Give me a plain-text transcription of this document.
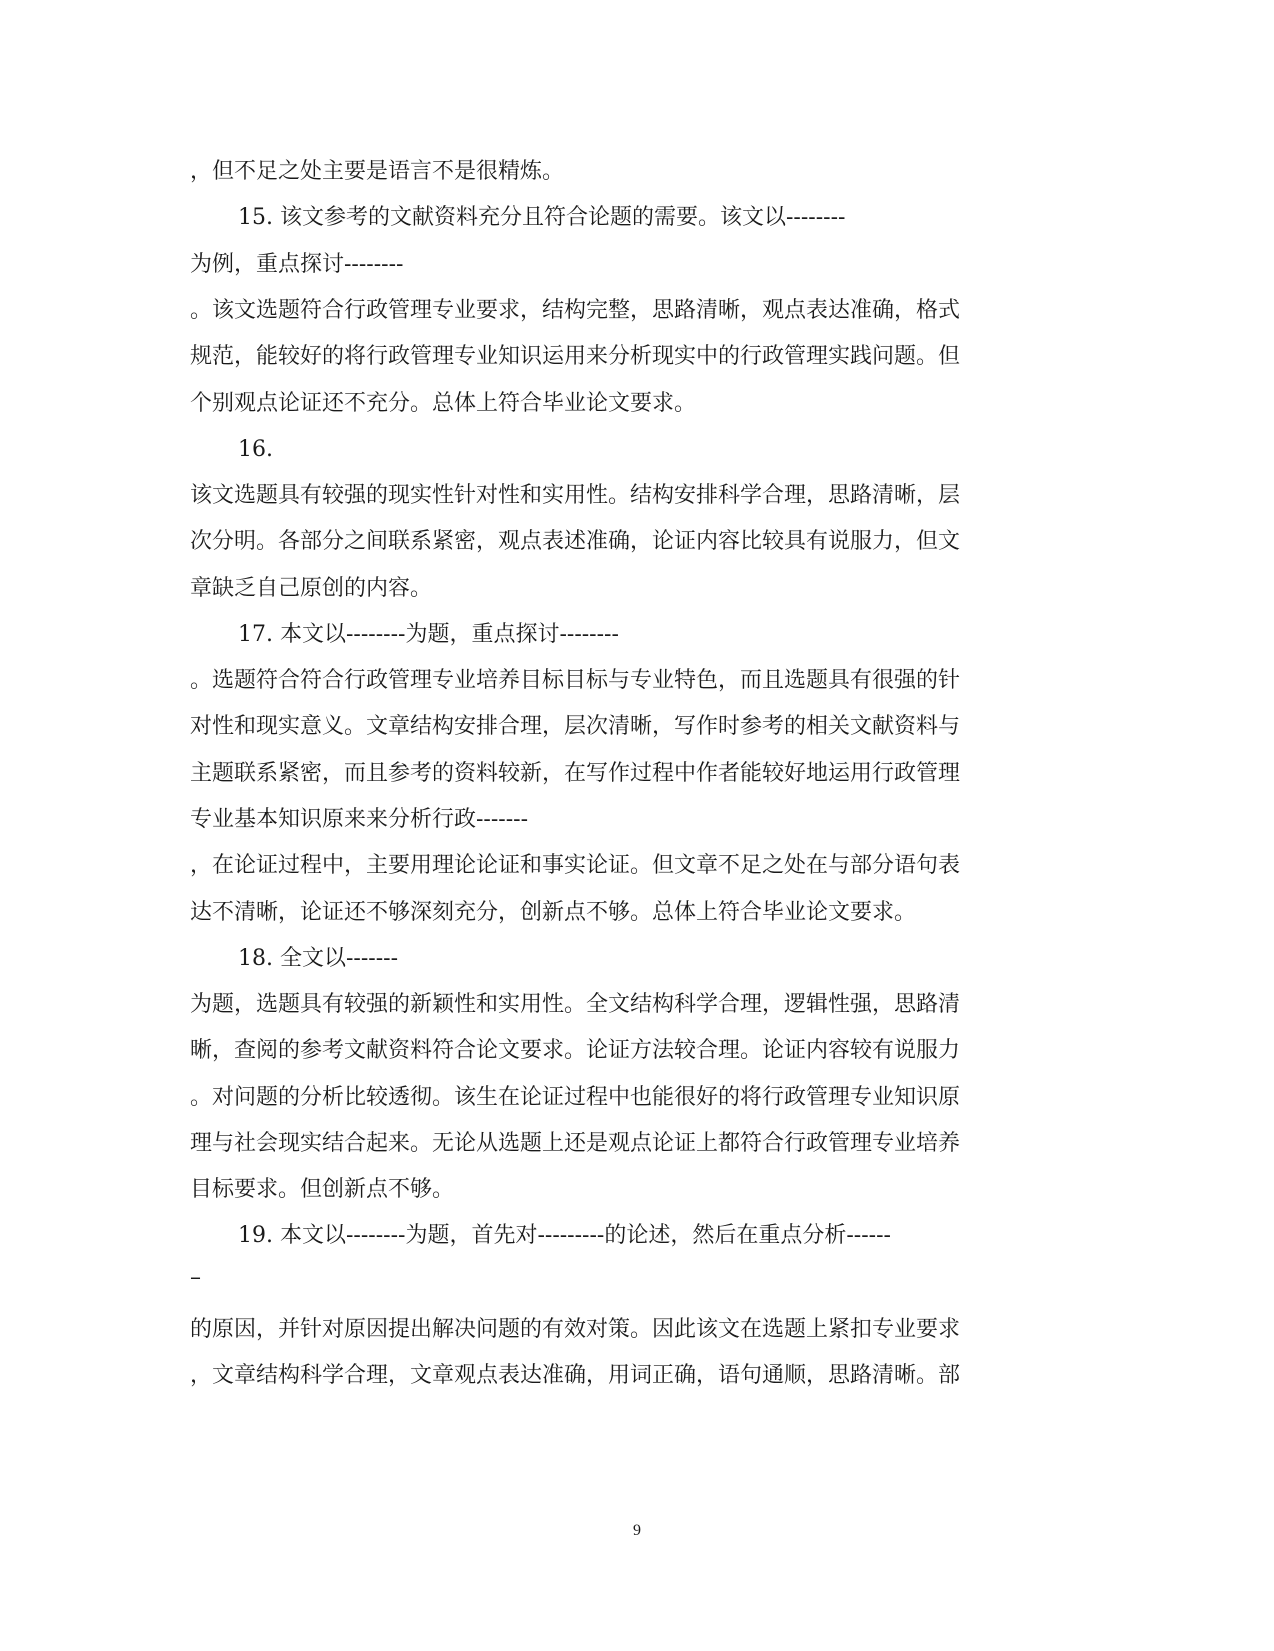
，但不足之处主要是语言不是很精炼。
15. 该文参考的文献资料充分且符合论题的需要。该文以--------
为例，重点探讨--------
。该文选题符合行政管理专业要求，结构完整，思路清晰，观点表达准确，格式
规范，能较好的将行政管理专业知识运用来分析现实中的行政管理实践问题。但
个别观点论证还不充分。总体上符合毕业论文要求。
16.
该文选题具有较强的现实性针对性和实用性。结构安排科学合理，思路清晰，层
次分明。各部分之间联系紧密，观点表述准确，论证内容比较具有说服力，但文
章缺乏自己原创的内容。
17. 本文以--------为题，重点探讨--------
。选题符合符合行政管理专业培养目标目标与专业特色，而且选题具有很强的针
对性和现实意义。文章结构安排合理，层次清晰，写作时参考的相关文献资料与
主题联系紧密，而且参考的资料较新，在写作过程中作者能较好地运用行政管理
专业基本知识原来来分析行政-------
，在论证过程中，主要用理论论证和事实论证。但文章不足之处在与部分语句表
达不清晰，论证还不够深刻充分，创新点不够。总体上符合毕业论文要求。
18. 全文以-------
为题，选题具有较强的新颖性和实用性。全文结构科学合理，逻辑性强，思路清
晰，查阅的参考文献资料符合论文要求。论证方法较合理。论证内容较有说服力
。对问题的分析比较透彻。该生在论证过程中也能很好的将行政管理专业知识原
理与社会现实结合起来。无论从选题上还是观点论证上都符合行政管理专业培养
目标要求。但创新点不够。
19. 本文以--------为题，首先对---------的论述，然后在重点分析------
–
的原因，并针对原因提出解决问题的有效对策。因此该文在选题上紧扣专业要求
，文章结构科学合理，文章观点表达准确，用词正确，语句通顺，思路清晰。部
9
